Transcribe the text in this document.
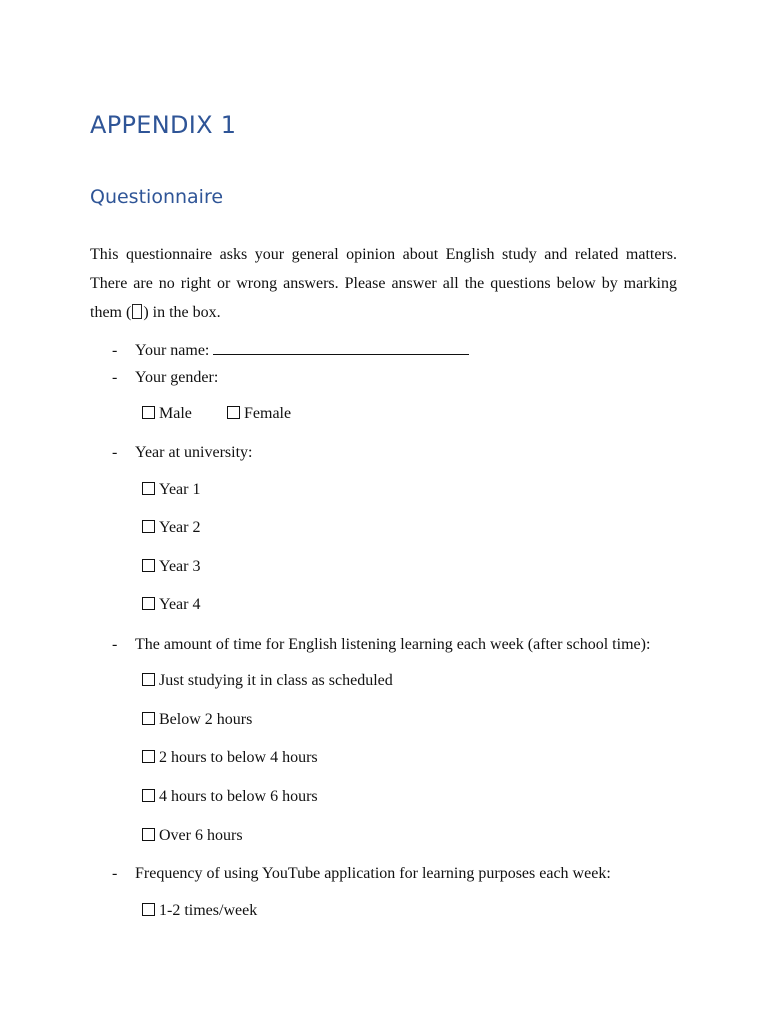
APPENDIX 1
Questionnaire
This questionnaire asks your general opinion about English study and related matters. There are no right or wrong answers. Please answer all the questions below by marking them ( ) in the box.
- Your name:
- Your gender:
Male	Female
- Year at university:
Year 1
Year 2
Year 3
Year 4
- The amount of time for English listening learning each week (after school time):
Just studying it in class as scheduled
Below 2 hours
2 hours to below 4 hours
4 hours to below 6 hours
Over 6 hours
- Frequency of using YouTube application for learning purposes each week:
1-2 times/week
